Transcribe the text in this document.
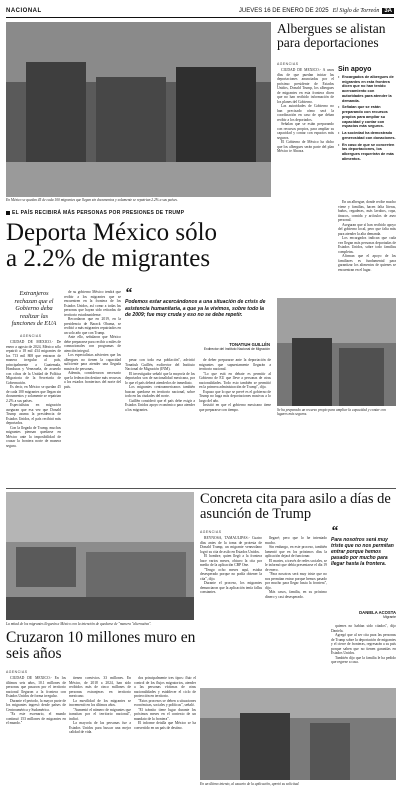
NACIONAL	JUEVES 16 DE ENERO DE 2025 El Siglo de Torreón 3A
En México se quedan 45 de cada 100 migrantes que llegan sin documentos y solamente se repatrian 2.2% a sus países.
Albergues se alistan para deportaciones
AGENCIAS

CIUDAD DE MÉXICO.- A unos días de que puedan iniciar las deportaciones anunciadas por el próximo presidente de Estados Unidos, Donald Trump, los albergues de migrantes en esta frontera dicen que no han recibido información de los planes del Gobierno.

Las autoridades de Gobierno no han precisado cómo será la coordinación en caso de que deban recibir a los deportados.

Señalan que se están preparando con recursos propios, para ampliar su capacidad y contar con espacios más seguros.

El Gobierno de México ha dicho que los albergues serán parte del plan México te Abraza.

Sin apoyo
• Encargados de albergues de migrantes en esta frontera dicen que no han tenido acercamiento con autoridades para atender la demanda.
• Señalan que se están preparando con recursos propios para ampliar su capacidad y contar con espacios más seguros.
• La sociedad ha demostrado generosidad con donaciones.
• En caso de que se concreten las deportaciones, los albergues requerirán de más alimentos.

En un albergue, donde recibe mucho viene y familias, hacen falta literas, baños, regaderas, más lavabos, ropa, tinacos, comida y artículos de aseo personal.

Aseguran que sí han recibido apoyo del gobierno local, pero que falta más para atender la alta demanda.

Los encargados indican que cada vez llegan más personas deportadas de Estados Unidos, sobre todo familias completas.

Afirman que el apoyo de los familiares es fundamental para garantizar los alimentos de quienes se encuentran en el lugar.

EL PAÍS RECIBIRÁ MÁS PERSONAS POR PRESIONES DE TRUMP
Deporta México sólo
a 2.2% de migrantes
Extranjeros rechazan que el Gobierno deba realizar las funciones de EUA
AGENCIAS

CIUDAD DE MÉXICO.- De enero a agosto de 2024, México sólo repatrió a 18 mil 434 migrantes de los 713 mil 808 que entraron de manera irregular al país, principalmente a Guatemala, Honduras y Venezuela, de acuerdo con cifras de la Unidad de Política Migratoria de la Secretaría de Gobernación.

Es decir, en México se quedan 45 de cada 100 migrantes que llegan sin documentos y solamente se repatrian 2.2% a sus países.

Especialistas en migración aseguran que esa vez que Donald Trump asuma la presidencia de Estados Unidos, el país recibirá más deportados.

Con la llegada de Trump, muchos migrantes piensan quedarse en México ante la imposibilidad de cruzar la frontera norte de manera segura.

de su gobierno México tendrá que recibir a los migrantes que se encuentren en la frontera de los Estados Unidos, así como a todas las personas que hayan sido retiradas de territorio estadounidense.

Recordaron que en 2019, en la presidencia de Barack Obama, se recibió a más migrantes repatriados en un solo año que con Trump.

Ante ello, señalaron que México debe prepararse para recibir a miles de connacionales con programas de atención integral.

Los especialistas advierten que los albergues no tienen la capacidad suficiente para atender una llegada masiva de personas.

Además, consideraron necesario que la federación destine más recursos a los estados fronterizos del norte del país.

“
Podemos estar acercándonos a una situación de crisis de asistencia humanitaria, a que ya la vivimos, sobre todo la de 2009; fue muy cruda y eso no se debe repetir.
TONATIUH GUILLÉN
Exdirector del Instituto Nacional de Migración

pesar con toda esa población", advirtió Tonatiuh Guillén, exdirector del Instituto Nacional de Migración (INM).

El investigador señaló que la mayoría de los deportados son de nacionalidad mexicana, por lo que el país deberá atenderlos de inmediato.

Los migrantes centroamericanos también buscan quedarse en territorio nacional, sobre todo en las ciudades del norte.

Guillén consideró que el país debe exigir a Estados Unidos apoyo económico para atender a los migrantes.

de deber prepararse ante la deportación de migrantes que supuestamente llegarán a territorio nacional.

"Lo que está en debate es permitir al Gobierno de EU que lleve a personas de otras nacionalidades. Todo esto también se permitió en la primera administración de Trump", dijo.

Expuso que lo que se prevé es el gobierno de Trump no haga más deportaciones masivas a lo largo del año.

Insistió en que el gobierno mexicano tiene que prepararse con tiempo.	Se ha preparado un recurso propio para ampliar la capacidad y contar con lugares más seguros.
Concreta cita para asilo a días de asunción de Trump
La mitad de los migrantes llegarán a México con la intención de quedarse de "manera "alternativa".
AGENCIAS

REYNOSA, TAMAULIPAS.- Cuatro días antes de la toma de protesta de Donald Trump, un migrante venezolano logró su cita de asilo en Estados Unidos.

El hombre, quien llegó a la frontera hace varios meses, obtuvo la cita por medio de la aplicación CBP One.

"Tengo ocho meses aquí, estaba desesperado porque no podía obtener la cita", dijo.

Durante el proceso, los migrantes denunciaron que la aplicación tenía fallas constantes.

llegaré; pero que lo he intentado mucho.

Sin embargo, en este proceso, también lamentó que en los próximos días la aplicación dejará de funcionar.

El martes, a través de redes sociales, se le informó que debía presentarse el día 19 de enero.

"Para nosotros será muy triste que no nos permitan entrar porque hemos pasado por mucho para llegar hasta la frontera", dijo.

Más casos, familia, en su próximo dinero y casi desesperado.

“
Para nosotros será muy triste que no nos permitan entrar porque hemos pasado por mucho para llegar hasta la frontera.
DANIELA ACOSTA
Migrante

quienes no habían sido citados", dijo Daniela.

Agregó que al ser cita para las personas de Trump sobre la deportación de migrantes y el cierre de fronteras, regresarán a su país porque saben que no tienen garantías en Estados Unidos.

También dijo que la familia le ha pedido que regrese a casa.

En un último intento, al usuario de la aplicación, apretó su solicitud.
Cruzaron 10 millones muro en seis años
AGENCIAS

CIUDAD DE MÉXICO.- En los últimos seis años, 10.1 millones de personas que pasaron por el territorio nacional llegaron a la frontera con Estados Unidos de forma irregular.

Durante el periodo, la mayor parte de los migrantes ingresó desde países de Centroamérica y Sudamérica.

"Es este escenario, el mundo continuó 153 millones de migrantes en el mundo."

tienen convivios. 33 millones. En México, de 2018 a 2024, han sido recibidos más de cinco millones de personas extranjeras en territorio mexicano.

La movilidad de los migrantes se incrementó en los últimos años.

"Aumentó el número de migrantes que transitan por el territorio nacional", indicó.

La mayoría de las personas fue a Estados Unidos para buscar una mejor calidad de vida.

dos principalmente tres tipos: fluir el control de los flujos migratorios, atender a las personas víctimas de otras nacionalidades y establecer el ciclo de protección en territorio.

"Estos procesos se deben a situaciones económicas, sociales y políticas", señaló.

"El tránsito tiene lugar durante los próximos meses en el contexto de un mandato de la frontera".

El informe detalla que México se ha convertido en un país de destino.
